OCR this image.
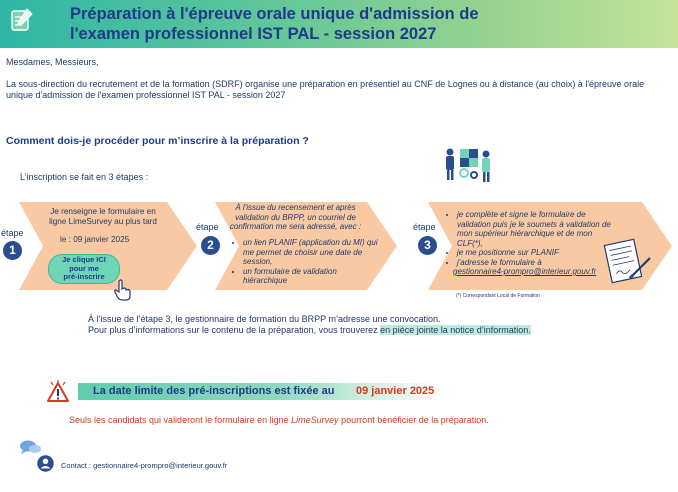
Préparation à l'épreuve orale unique d'admission de
l'examen professionnel IST PAL - session 2027
Mesdames, Messieurs,
La sous-direction du recrutement et de la formation (SDRF) organise une préparation en présentiel au CNF de Lognes ou à distance (au choix) à l'épreuve orale unique d'admission de l'examen professionnel IST PAL - session 2027
Comment dois-je procéder pour m’inscrire à la préparation ?
L’inscription se fait en 3 étapes :
étape
1
étape
2
étape
3
Je renseigne le formulaire en
ligne LimeSurvey au plus tard
le : 09 janvier 2025
Je clique ICI
pour me
pré-inscrire
À l'issue du recensement et après
validation du BRPP, un courriel de
confirmation me sera adressé, avec :
• un lien PLANIF (application du MI) qui me permet de choisir une date de session,
• un formulaire de validation hiérarchique
• je complète et signe le formulaire de validation puis je le soumets à validation de mon supérieur hiérarchique et de mon CLF(*),
• je me positionne sur PLANIF
• j'adresse le formulaire à
gestionnaire4-prompro@interieur.gouv.fr
(*) Correspondant Local de Formation
À l’issue de l’étape 3, le gestionnaire de formation du BRPP m’adresse une convocation.
Pour plus d’informations sur le contenu de la préparation, vous trouverez en pièce jointe la notice d’information.
La date limite des pré-inscriptions est fixée au 09 janvier 2025
Seuls les candidats qui valideront le formulaire en ligne LimeSurvey pourront bénéficier de la préparation.
Contact : gestionnaire4-prompro@interieur.gouv.fr
